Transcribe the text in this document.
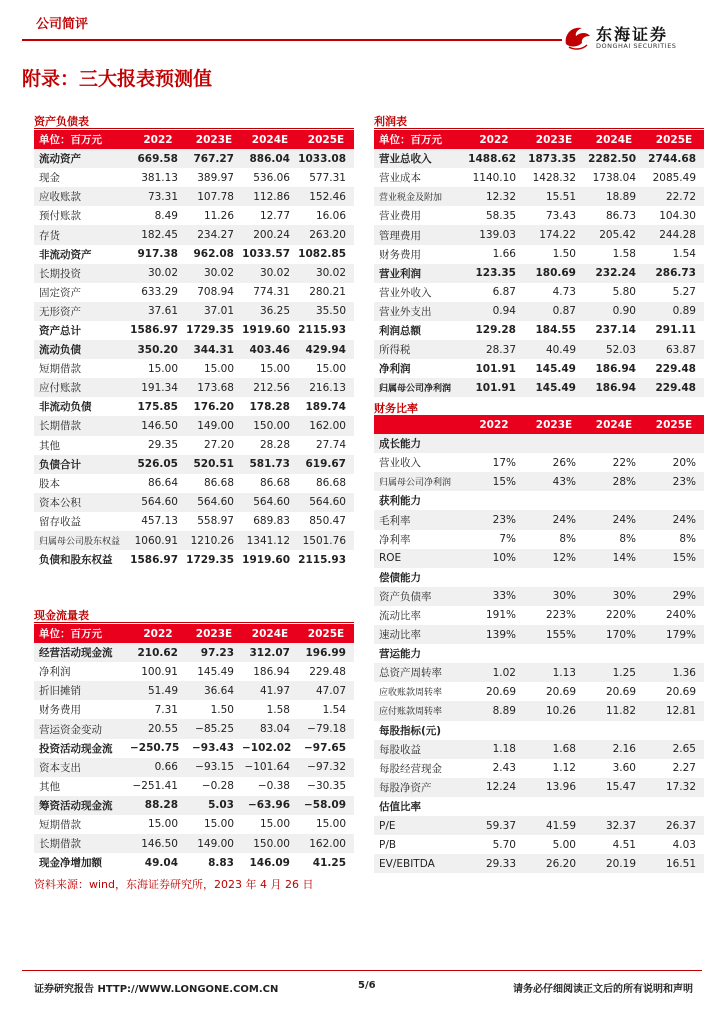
公司简评
东海证券
DONGHAI SECURITIES
附录：三大报表预测值
资产负债表
单位：百万元	2022	2023E	2024E	2025E
流动资产	669.58	767.27	886.04	1033.08
现金	381.13	389.97	536.06	577.31
应收账款	73.31	107.78	112.86	152.46
预付账款	8.49	11.26	12.77	16.06
存货	182.45	234.27	200.24	263.20
非流动资产	917.38	962.08	1033.57	1082.85
长期投资	30.02	30.02	30.02	30.02
固定资产	633.29	708.94	774.31	280.21
无形资产	37.61	37.01	36.25	35.50
资产总计	1586.97	1729.35	1919.60	2115.93
流动负债	350.20	344.31	403.46	429.94
短期借款	15.00	15.00	15.00	15.00
应付账款	191.34	173.68	212.56	216.13
非流动负债	175.85	176.20	178.28	189.74
长期借款	146.50	149.00	150.00	162.00
其他	29.35	27.20	28.28	27.74
负债合计	526.05	520.51	581.73	619.67
股本	86.64	86.68	86.68	86.68
资本公积	564.60	564.60	564.60	564.60
留存收益	457.13	558.97	689.83	850.47
归属母公司股东权益	1060.91	1210.26	1341.12	1501.76
负债和股东权益	1586.97	1729.35	1919.60	2115.93
现金流量表
单位：百万元	2022	2023E	2024E	2025E
经营活动现金流	210.62	97.23	312.07	196.99
净利润	100.91	145.49	186.94	229.48
折旧摊销	51.49	36.64	41.97	47.07
财务费用	7.31	1.50	1.58	1.54
营运资金变动	20.55	−85.25	83.04	−79.18
投资活动现金流	−250.75	−93.43	−102.02	−97.65
资本支出	0.66	−93.15	−101.64	−97.32
其他	−251.41	−0.28	−0.38	−30.35
筹资活动现金流	88.28	5.03	−63.96	−58.09
短期借款	15.00	15.00	15.00	15.00
长期借款	146.50	149.00	150.00	162.00
现金净增加额	49.04	8.83	146.09	41.25
利润表
单位：百万元	2022	2023E	2024E	2025E
营业总收入	1488.62	1873.35	2282.50	2744.68
营业成本	1140.10	1428.32	1738.04	2085.49
营业税金及附加	12.32	15.51	18.89	22.72
营业费用	58.35	73.43	86.73	104.30
管理费用	139.03	174.22	205.42	244.28
财务费用	1.66	1.50	1.58	1.54
营业利润	123.35	180.69	232.24	286.73
营业外收入	6.87	4.73	5.80	5.27
营业外支出	0.94	0.87	0.90	0.89
利润总额	129.28	184.55	237.14	291.11
所得税	28.37	40.49	52.03	63.87
净利润	101.91	145.49	186.94	229.48
归属母公司净利润	101.91	145.49	186.94	229.48
财务比率
	2022	2023E	2024E	2025E
成长能力				
营业收入	17%	26%	22%	20%
归属母公司净利润	15%	43%	28%	23%
获利能力				
毛利率	23%	24%	24%	24%
净利率	7%	8%	8%	8%
ROE	10%	12%	14%	15%
偿债能力				
资产负债率	33%	30%	30%	29%
流动比率	191%	223%	220%	240%
速动比率	139%	155%	170%	179%
营运能力				
总资产周转率	1.02	1.13	1.25	1.36
应收账款周转率	20.69	20.69	20.69	20.69
应付账款周转率	8.89	10.26	11.82	12.81
每股指标(元)				
每股收益	1.18	1.68	2.16	2.65
每股经营现金	2.43	1.12	3.60	2.27
每股净资产	12.24	13.96	15.47	17.32
估值比率				
P/E	59.37	41.59	32.37	26.37
P/B	5.70	5.00	4.51	4.03
EV/EBITDA	29.33	26.20	20.19	16.51
资料来源：wind，东海证券研究所，2023 年 4 月 26 日
证券研究报告 HTTP://WWW.LONGONE.COM.CN	5/6	请务必仔细阅读正文后的所有说明和声明
